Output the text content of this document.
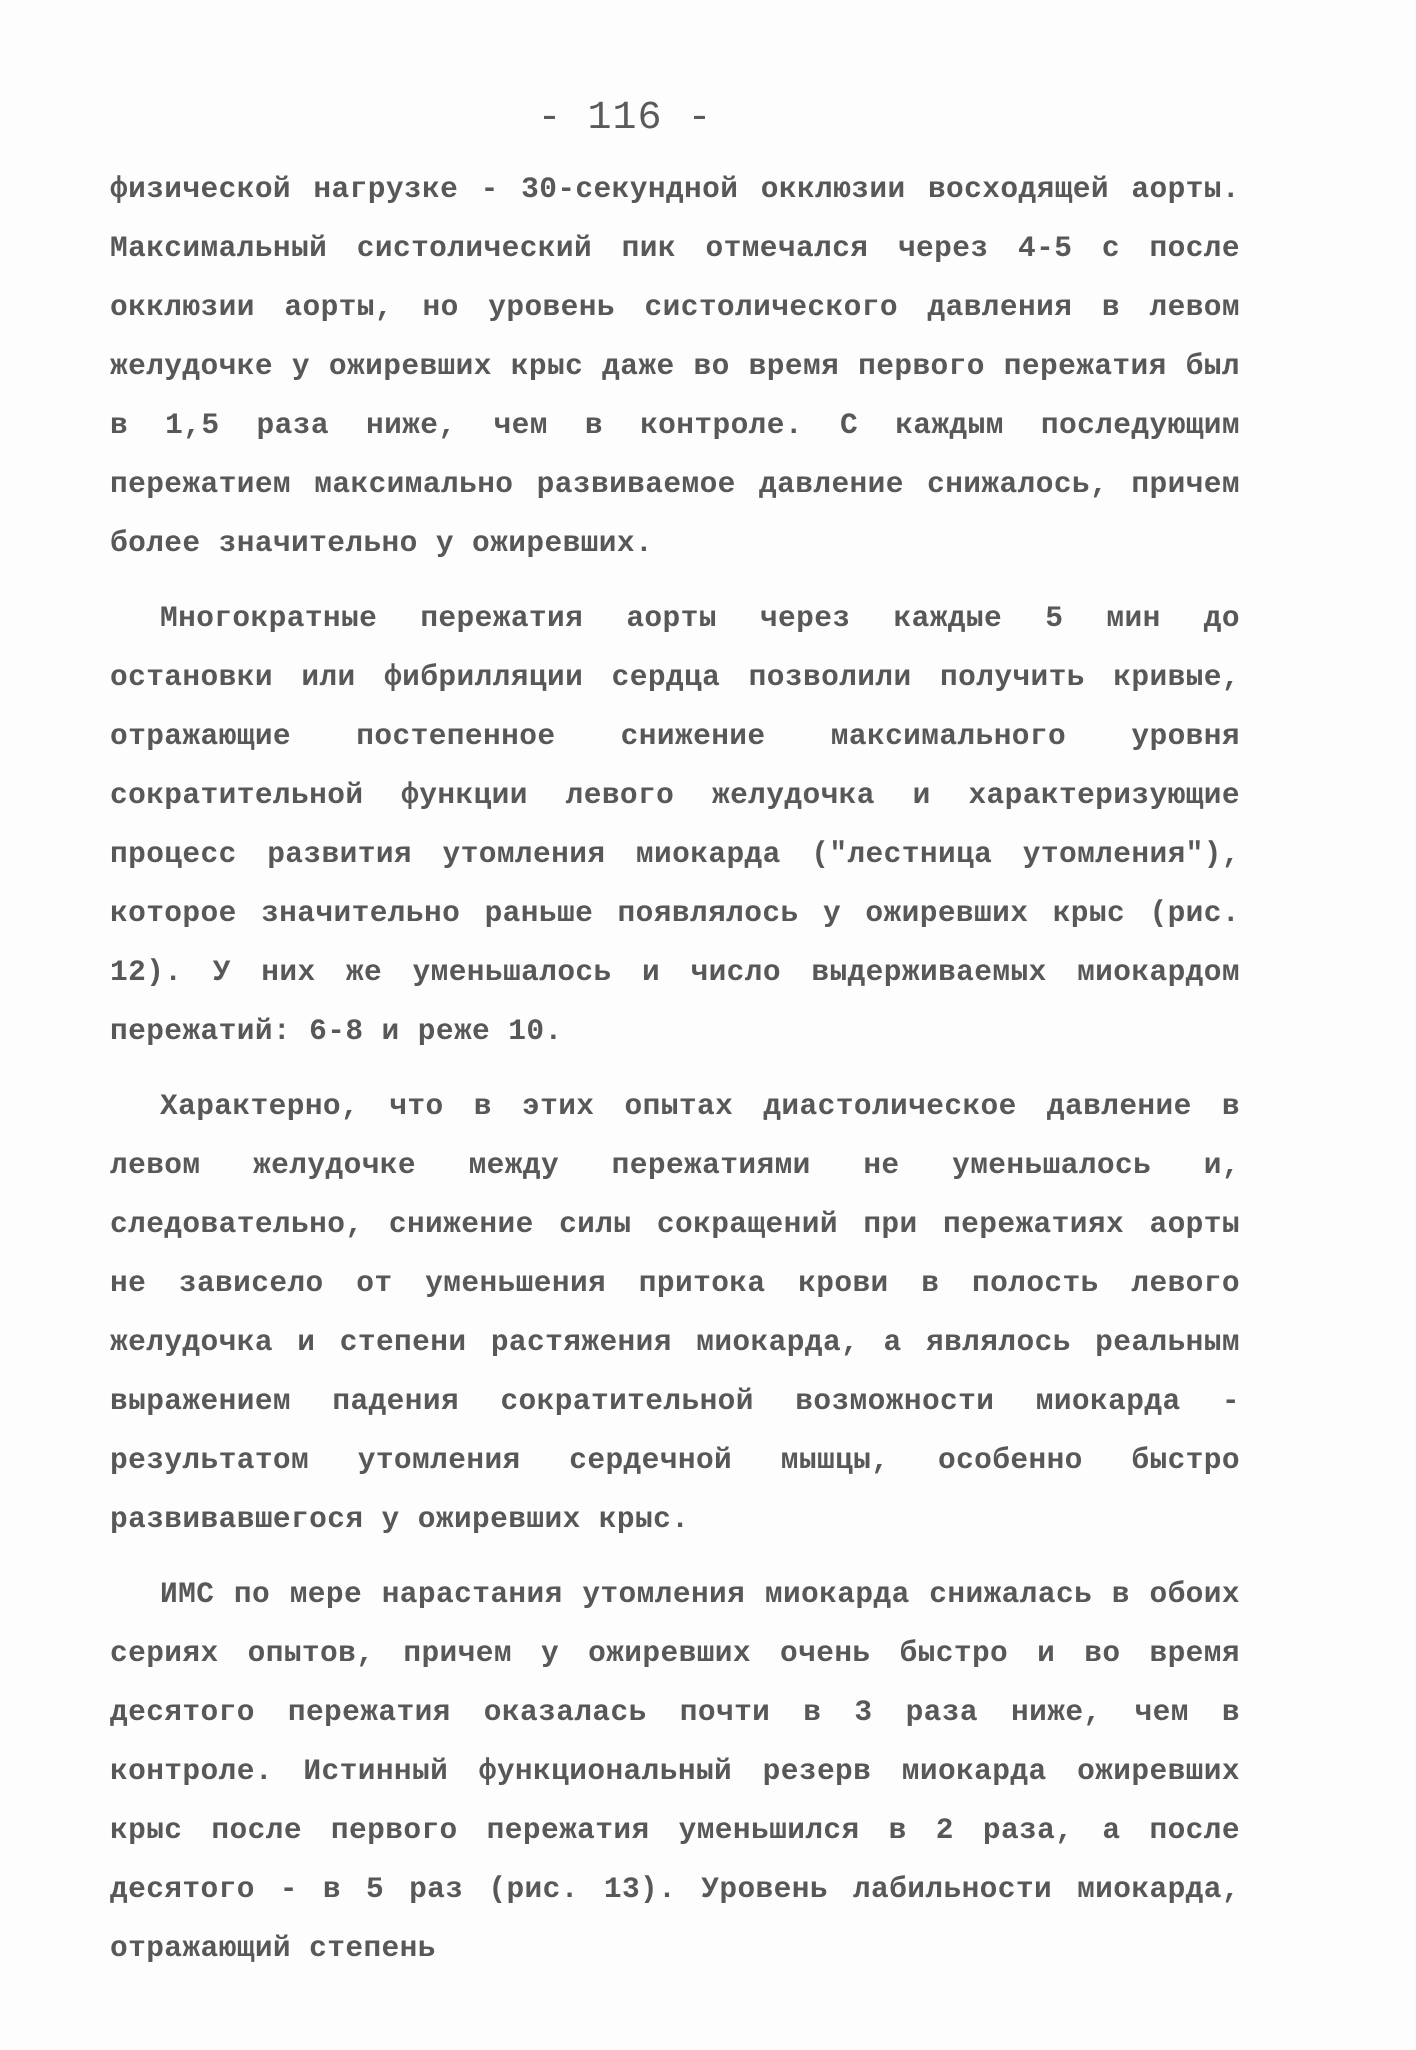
- 116 -

физической нагрузке - 30-секундной окклюзии восходящей аорты. Максимальный систолический пик отмечался через 4-5 с после окклюзии аорты, но уровень систолического давления в левом желудочке у ожиревших крыс даже во время первого пережатия был в 1,5 раза ниже, чем в контроле. С каждым последующим пережатием максимально развиваемое давление снижалось, причем более значительно у ожиревших.

Многократные пережатия аорты через каждые 5 мин до остановки или фибрилляции сердца позволили получить кривые, отражающие постепенное снижение максимального уровня сократительной функции левого желудочка и характеризующие процесс развития утомления миокарда ("лестница утомления"), которое значительно раньше появлялось у ожиревших крыс (рис. 12). У них же уменьшалось и число выдерживаемых миокардом пережатий: 6-8 и реже 10.

Характерно, что в этих опытах диастолическое давление в левом желудочке между пережатиями не уменьшалось и, следовательно, снижение силы сокращений при пережатиях аорты не зависело от уменьшения притока крови в полость левого желудочка и степени растяжения миокарда, а являлось реальным выражением падения сократительной возможности миокарда - результатом утомления сердечной мышцы, особенно быстро развивавшегося у ожиревших крыс.

ИМС по мере нарастания утомления миокарда снижалась в обоих сериях опытов, причем у ожиревших очень быстро и во время десятого пережатия оказалась почти в 3 раза ниже, чем в контроле. Истинный функциональный резерв миокарда ожиревших крыс после первого пережатия уменьшился в 2 раза, а после десятого - в 5 раз (рис. 13). Уровень лабильности миокарда, отражающий степень
